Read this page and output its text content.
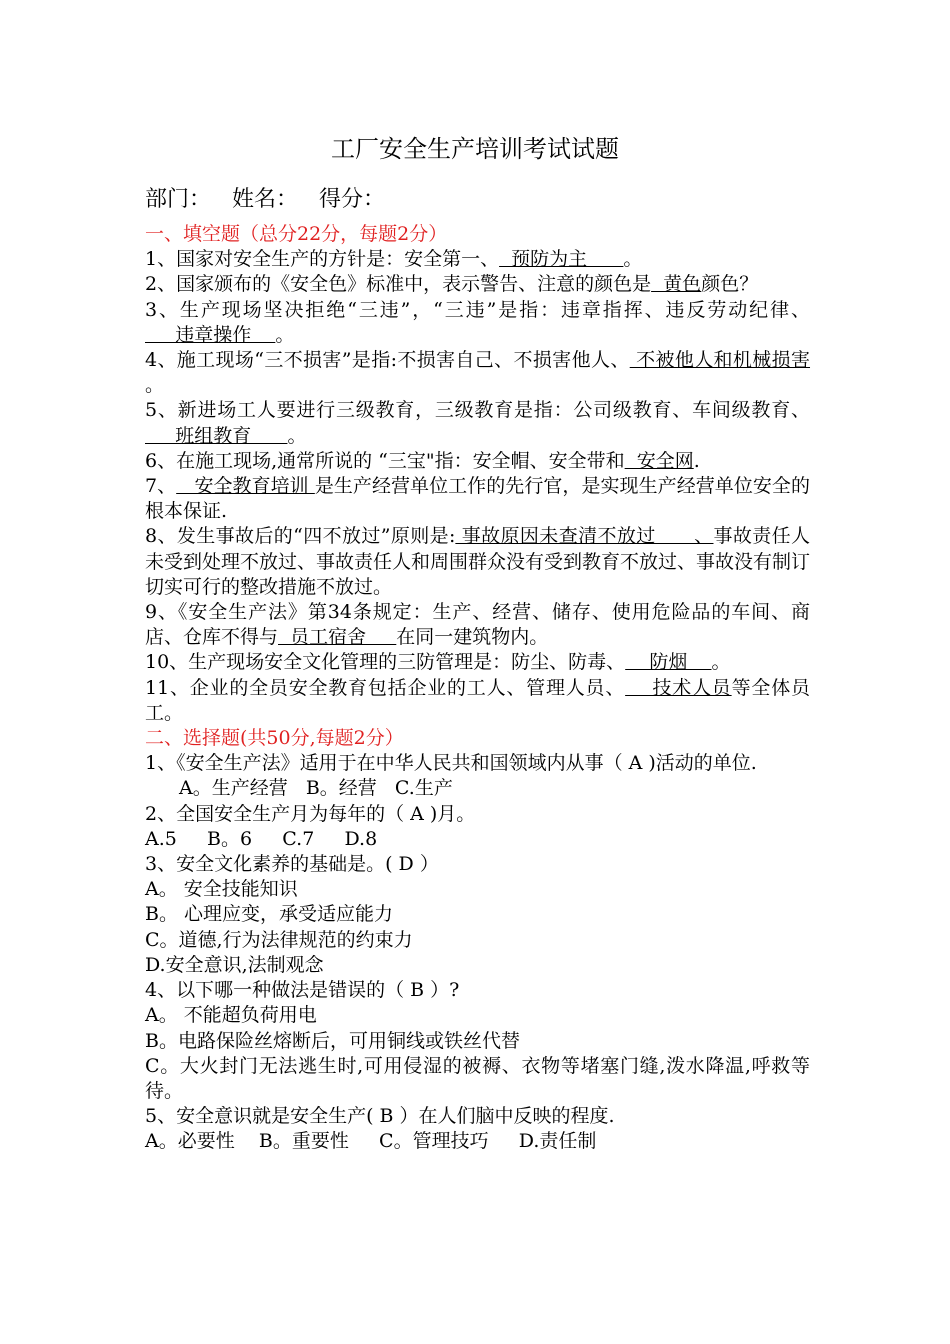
工厂安全生产培训考试试题
部门： 姓名： 得分：

一、填空题（总分22分，每题2分）

1、国家对安全生产的方针是：安全第一、  预防为主      。

2、国家颁布的《安全色》标准中，表示警告、注意的颜色是  黄色颜色？

3、生产现场坚决拒绝“三违”，“三违”是指：违章指挥、违反劳动纪律、     违章操作    。

4、施工现场“三不损害”是指:不损害自己、不损害他人、 不被他人和机械损害 。

5、新进场工人要进行三级教育，三级教育是指：公司级教育、车间级教育、     班组教育      。

6、在施工现场,通常所说的 “三宝"指：安全帽、安全带和  安全网.

7、   安全教育培训 是生产经营单位工作的先行官，是实现生产经营单位安全的根本保证.

8、发生事故后的“四不放过”原则是: 事故原因未查清不放过      、事故责任人未受到处理不放过、事故责任人和周围群众没有受到教育不放过、事故没有制订切实可行的整改措施不放过。

9、《安全生产法》第34条规定：生产、经营、储存、使用危险品的车间、商店、仓库不得与  员工宿舍     在同一建筑物内。

10、生产现场安全文化管理的三防管理是：防尘、防毒、    防烟    。

11、企业的全员安全教育包括企业的工人、管理人员、    技术人员等全体员工。

二、选择题(共50分,每题2分）

1、《安全生产法》适用于在中华人民共和国领域内从事（ A )活动的单位.

A。生产经营   B。经营   C.生产

2、全国安全生产月为每年的（ A )月。

A.5     B。6     C.7     D.8

3、安全文化素养的基础是。( D ）

A。 安全技能知识

B。 心理应变，承受适应能力

C。道德,行为法律规范的约束力

D.安全意识,法制观念

4、以下哪一种做法是错误的（ B ）?

A。 不能超负荷用电

B。电路保险丝熔断后，可用铜线或铁丝代替

C。大火封门无法逃生时,可用侵湿的被褥、衣物等堵塞门缝,泼水降温,呼救等待。

5、安全意识就是安全生产( B ）在人们脑中反映的程度.

A。必要性    B。重要性     C。管理技巧     D.责任制
